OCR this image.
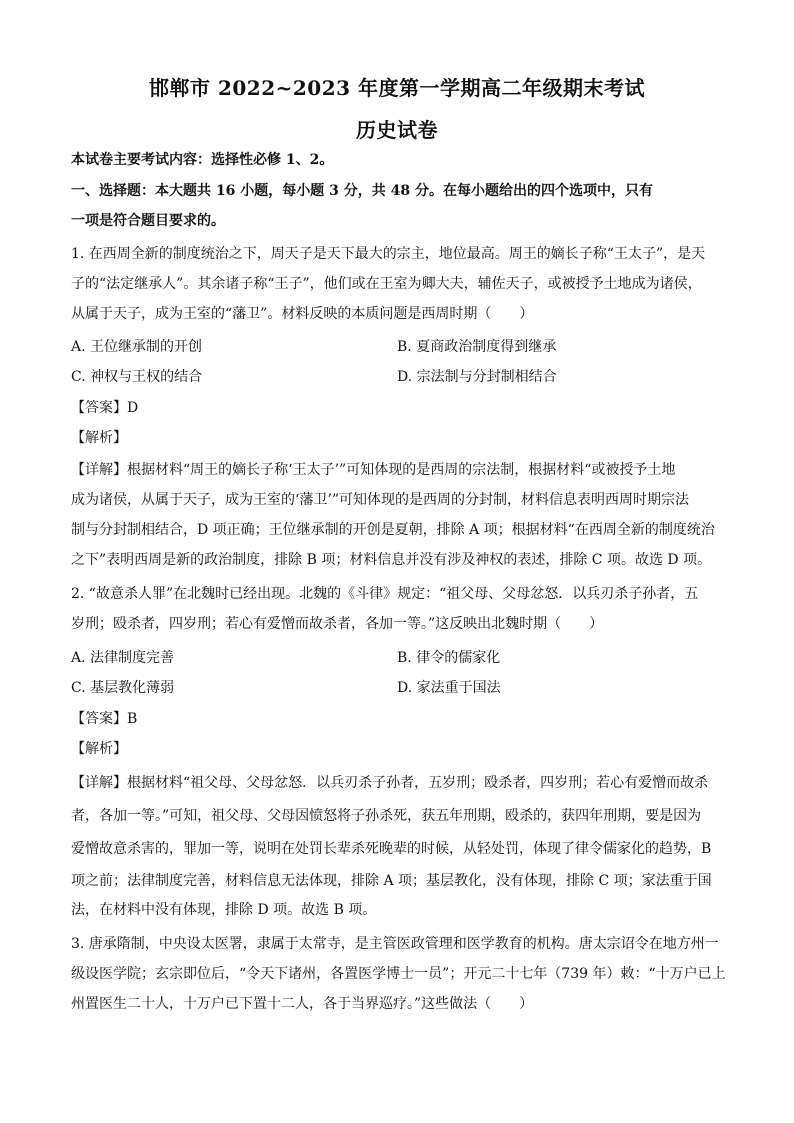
邯郸市 2022~2023 年度第一学期高二年级期末考试
历史试卷
本试卷主要考试内容：选择性必修 1、2。
一、选择题：本大题共 16 小题，每小题 3 分，共 48 分。在每小题给出的四个选项中，只有
一项是符合题目要求的。
1. 在西周全新的制度统治之下，周天子是天下最大的宗主，地位最高。周王的嫡长子称“王太子”，是天
子的“法定继承人”。其余诸子称“王子”，他们或在王室为卿大夫，辅佐天子，或被授予土地成为诸侯，
从属于天子，成为王室的“藩卫”。材料反映的本质问题是西周时期（　　）
A. 王位继承制的开创	B. 夏商政治制度得到继承
C. 神权与王权的结合	D. 宗法制与分封制相结合
【答案】D
【解析】
【详解】根据材料“周王的嫡长子称‘王太子’”可知体现的是西周的宗法制，根据材料“或被授予土地
成为诸侯，从属于天子，成为王室的‘藩卫’”可知体现的是西周的分封制，材料信息表明西周时期宗法
制与分封制相结合，D 项正确；王位继承制的开创是夏朝，排除 A 项；根据材料“在西周全新的制度统治
之下”表明西周是新的政治制度，排除 B 项；材料信息并没有涉及神权的表述，排除 C 项。故选 D 项。
2. “故意杀人罪”在北魏时已经出现。北魏的《斗律》规定：“祖父母、父母忿怒．以兵刃杀子孙者，五
岁刑；殴杀者，四岁刑；若心有爱憎而故杀者，各加一等。”这反映出北魏时期（　　）
A. 法律制度完善	B. 律令的儒家化
C. 基层教化薄弱	D. 家法重于国法
【答案】B
【解析】
【详解】根据材料“祖父母、父母忿怒．以兵刃杀子孙者，五岁刑；殴杀者，四岁刑；若心有爱憎而故杀
者，各加一等。”可知，祖父母、父母因愤怒将子孙杀死，获五年刑期，殴杀的，获四年刑期，要是因为
爱憎故意杀害的，罪加一等，说明在处罚长辈杀死晚辈的时候，从轻处罚，体现了律令儒家化的趋势，B
项之前；法律制度完善，材料信息无法体现，排除 A 项；基层教化，没有体现，排除 C 项；家法重于国
法，在材料中没有体现，排除 D 项。故选 B 项。
3. 唐承隋制，中央设太医署，隶属于太常寺，是主管医政管理和医学教育的机构。唐太宗诏令在地方州一
级设医学院；玄宗即位后，“令天下诸州，各置医学博士一员”；开元二十七年（739 年）敕：“十万户已上
州置医生二十人，十万户已下置十二人，各于当界巡疗。”这些做法（　　）
